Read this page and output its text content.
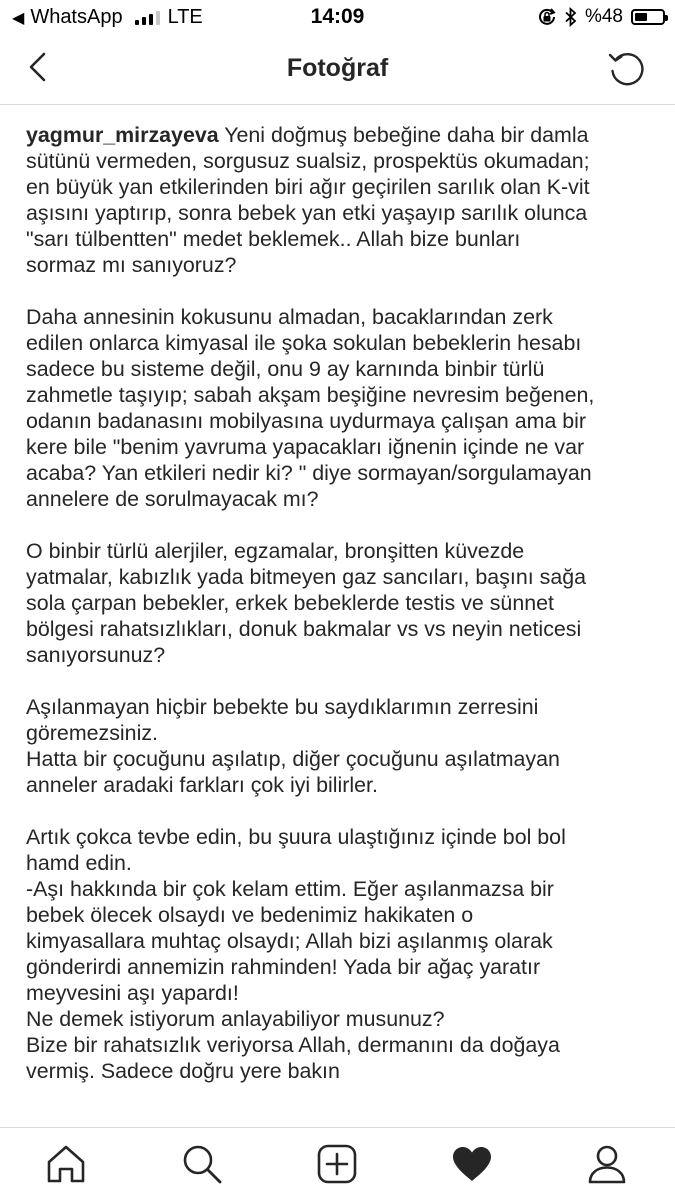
◀ WhatsApp LTE	14:09	%48
Fotoğraf

yagmur_mirzayeva Yeni doğmuş bebeğine daha bir damla

sütünü vermeden, sorgusuz sualsiz, prospektüs okumadan;

en büyük yan etkilerinden biri ağır geçirilen sarılık olan K-vit

aşısını yaptırıp, sonra bebek yan etki yaşayıp sarılık olunca

"sarı tülbentten" medet beklemek.. Allah bize bunları

sormaz mı sanıyoruz?

Daha annesinin kokusunu almadan, bacaklarından zerk

edilen onlarca kimyasal ile şoka sokulan bebeklerin hesabı

sadece bu sisteme değil, onu 9 ay karnında binbir türlü

zahmetle taşıyıp; sabah akşam beşiğine nevresim beğenen,

odanın badanasını mobilyasına uydurmaya çalışan ama bir

kere bile "benim yavruma yapacakları iğnenin içinde ne var

acaba? Yan etkileri nedir ki? " diye sormayan/sorgulamayan

annelere de sorulmayacak mı?

O binbir türlü alerjiler, egzamalar, bronşitten küvezde

yatmalar, kabızlık yada bitmeyen gaz sancıları, başını sağa

sola çarpan bebekler, erkek bebeklerde testis ve sünnet

bölgesi rahatsızlıkları, donuk bakmalar vs vs neyin neticesi

sanıyorsunuz?

Aşılanmayan hiçbir bebekte bu saydıklarımın zerresini

göremezsiniz.

Hatta bir çocuğunu aşılatıp, diğer çocuğunu aşılatmayan

anneler aradaki farkları çok iyi bilirler.

Artık çokca tevbe edin, bu şuura ulaştığınız içinde bol bol

hamd edin.

-Aşı hakkında bir çok kelam ettim. Eğer aşılanmazsa bir

bebek ölecek olsaydı ve bedenimiz hakikaten o

kimyasallara muhtaç olsaydı; Allah bizi aşılanmış olarak

gönderirdi annemizin rahminden! Yada bir ağaç yaratır

meyvesini aşı yapardı!

Ne demek istiyorum anlayabiliyor musunuz?

Bize bir rahatsızlık veriyorsa Allah, dermanını da doğaya

vermiş. Sadece doğru yere bakın
